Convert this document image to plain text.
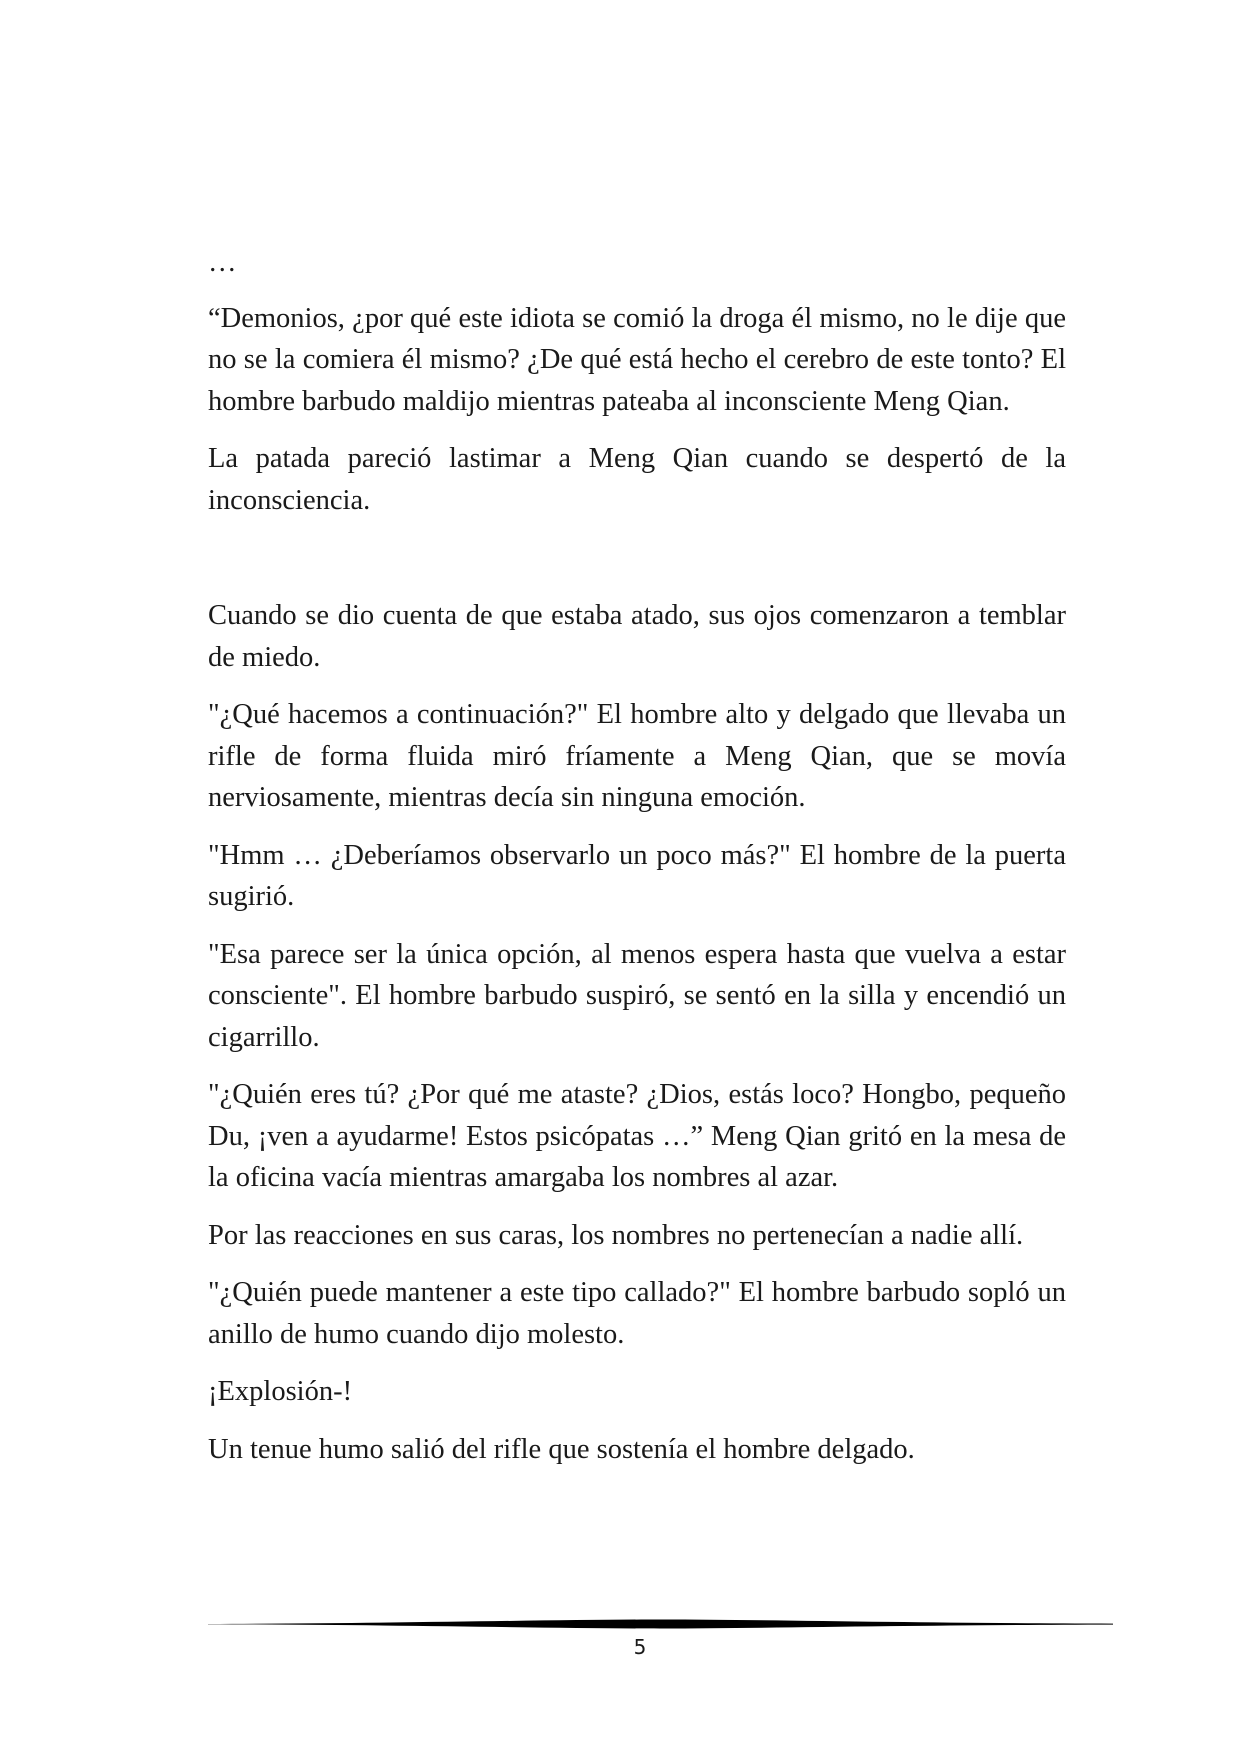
…

“Demonios, ¿por qué este idiota se comió la droga él mismo, no le dije que no se la comiera él mismo? ¿De qué está hecho el cerebro de este tonto? El hombre barbudo maldijo mientras pateaba al inconsciente Meng Qian.

La patada pareció lastimar a Meng Qian cuando se despertó de la inconsciencia.

Cuando se dio cuenta de que estaba atado, sus ojos comenzaron a temblar de miedo.

"¿Qué hacemos a continuación?" El hombre alto y delgado que llevaba un rifle de forma fluida miró fríamente a Meng Qian, que se movía nerviosamente, mientras decía sin ninguna emoción.

"Hmm … ¿Deberíamos observarlo un poco más?" El hombre de la puerta sugirió.

"Esa parece ser la única opción, al menos espera hasta que vuelva a estar consciente". El hombre barbudo suspiró, se sentó en la silla y encendió un cigarrillo.

"¿Quién eres tú? ¿Por qué me ataste? ¿Dios, estás loco? Hongbo, pequeño Du, ¡ven a ayudarme! Estos psicópatas …” Meng Qian gritó en la mesa de la oficina vacía mientras amargaba los nombres al azar.

Por las reacciones en sus caras, los nombres no pertenecían a nadie allí.

"¿Quién puede mantener a este tipo callado?" El hombre barbudo sopló un anillo de humo cuando dijo molesto.

¡Explosión-!

Un tenue humo salió del rifle que sostenía el hombre delgado.

5
